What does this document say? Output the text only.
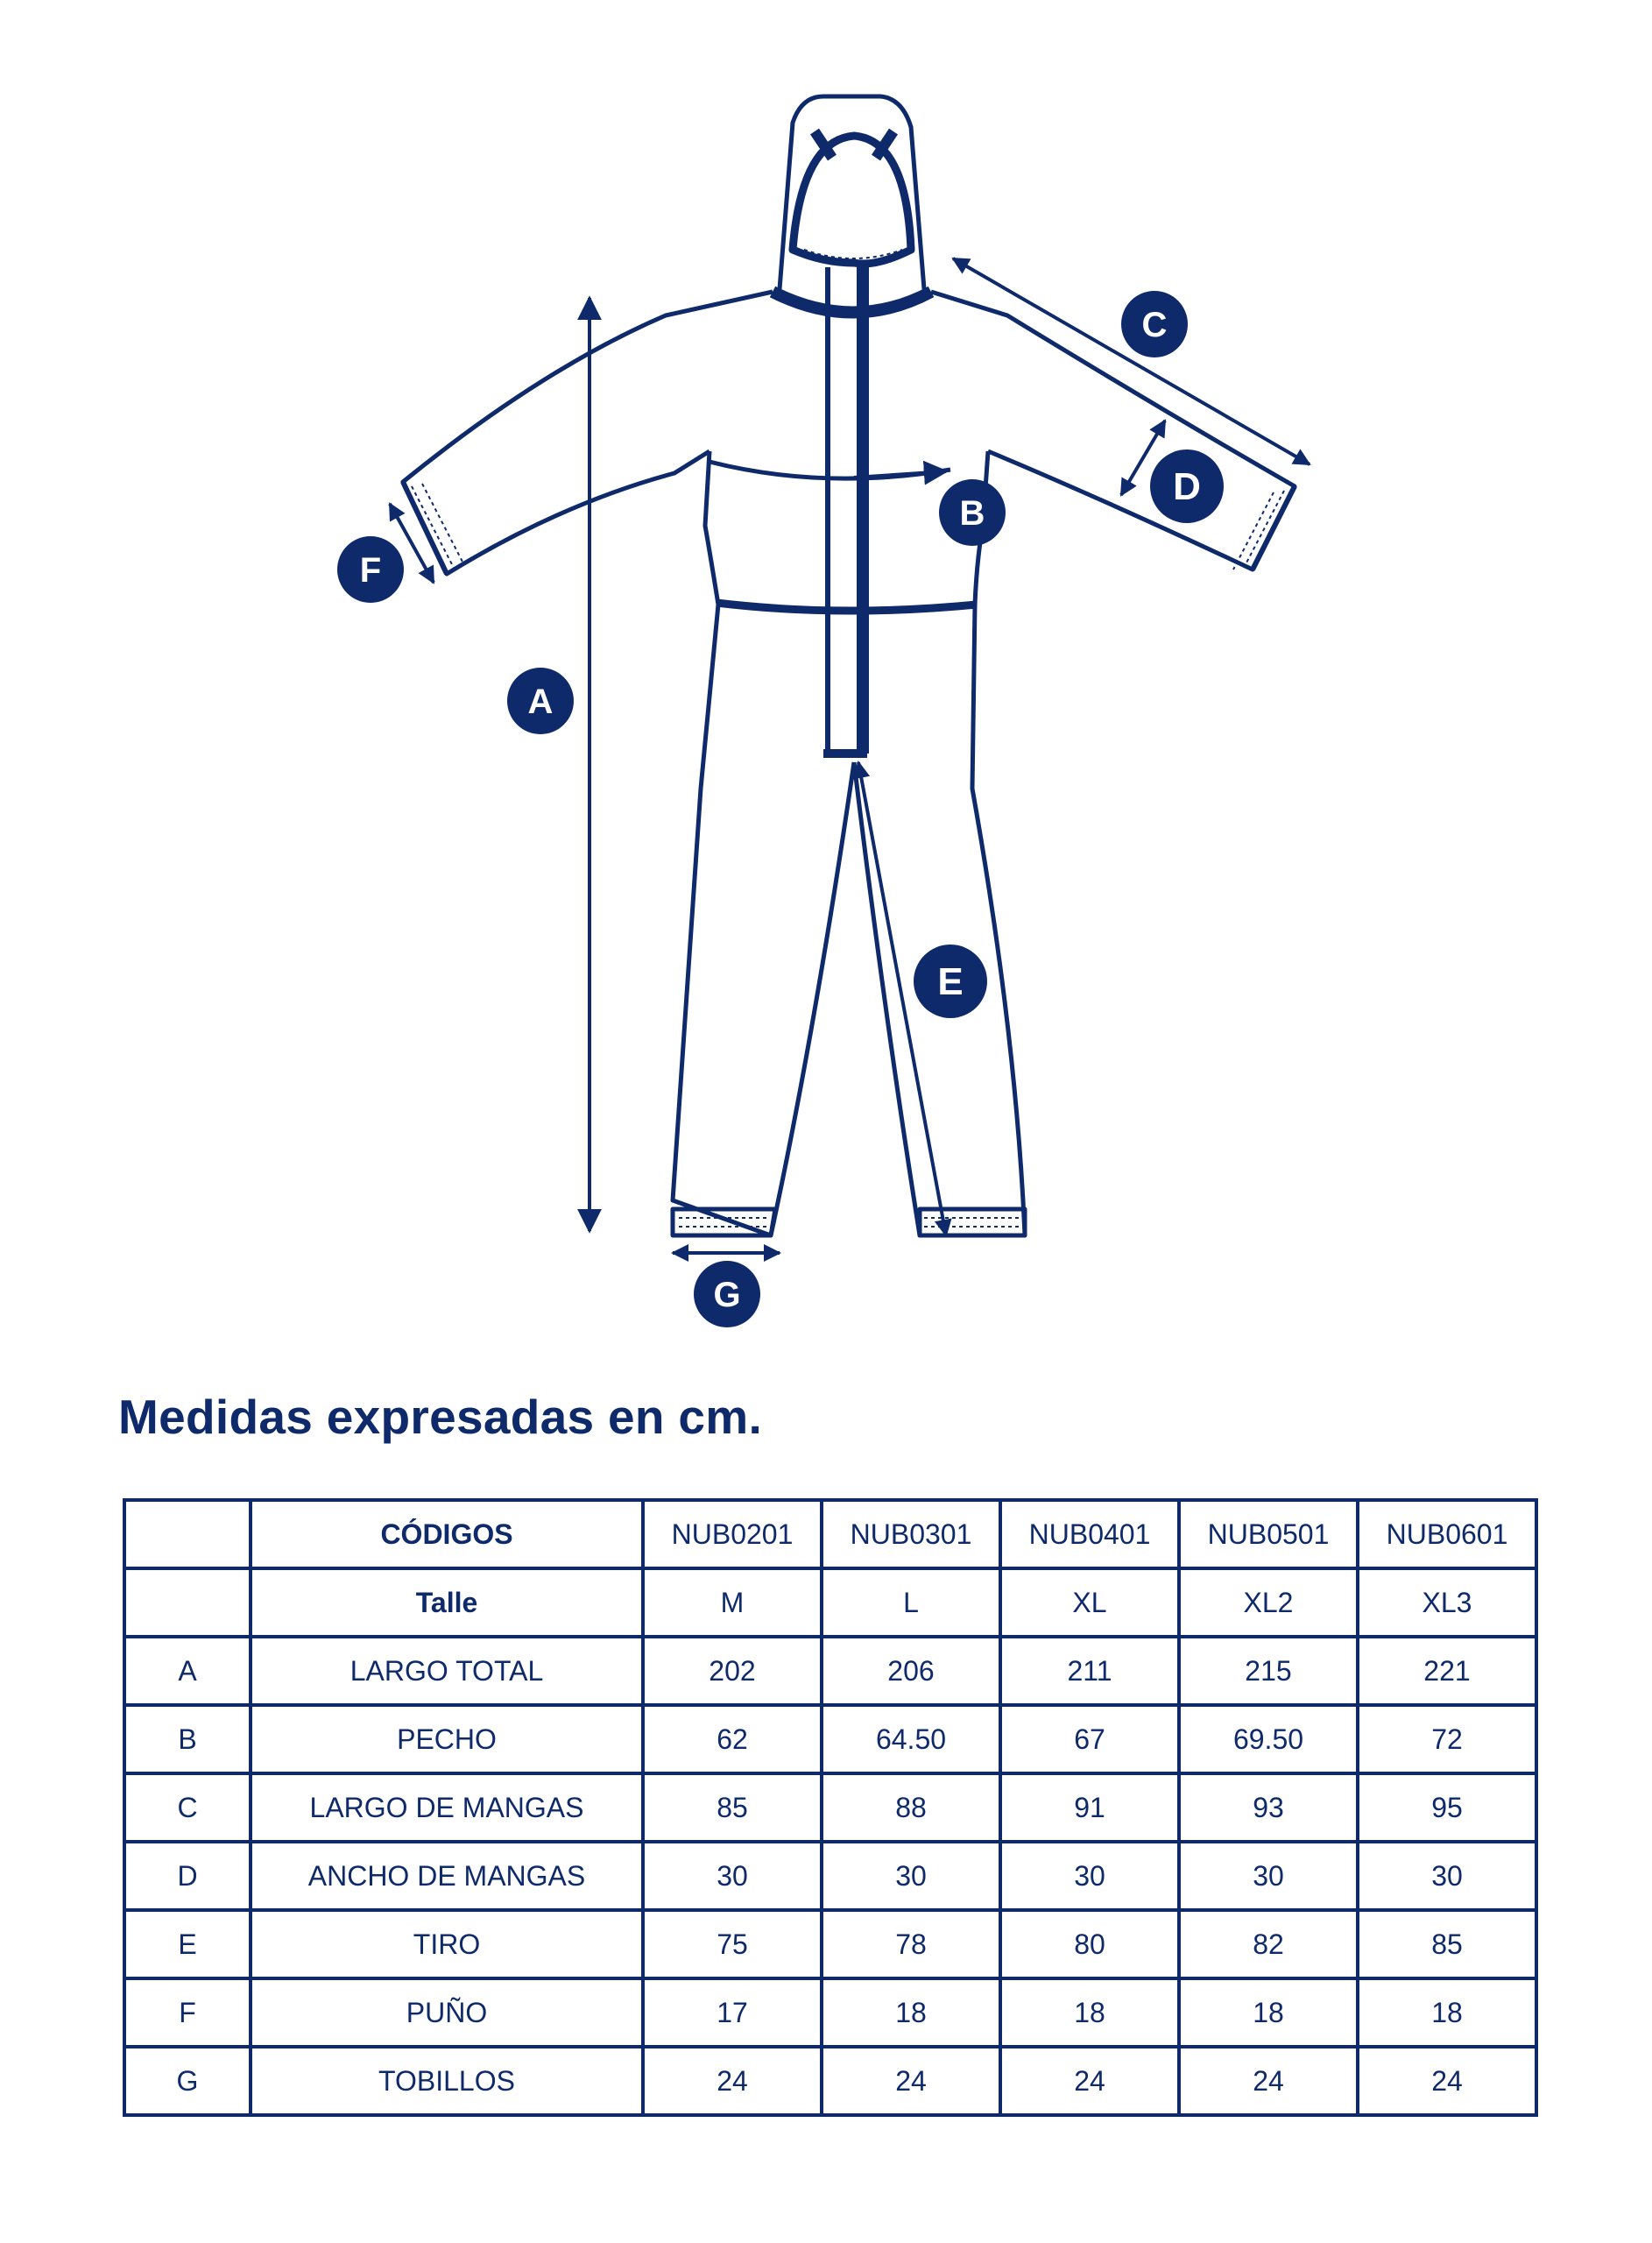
A
B
C
D
E
F
G
Medidas expresadas en cm.
	CÓDIGOS	NUB0201	NUB0301	NUB0401	NUB0501	NUB0601
	Talle	M	L	XL	XL2	XL3
A	LARGO TOTAL	202	206	211	215	221
B	PECHO	62	64.50	67	69.50	72
C	LARGO DE MANGAS	85	88	91	93	95
D	ANCHO DE MANGAS	30	30	30	30	30
E	TIRO	75	78	80	82	85
F	PUÑO	17	18	18	18	18
G	TOBILLOS	24	24	24	24	24
